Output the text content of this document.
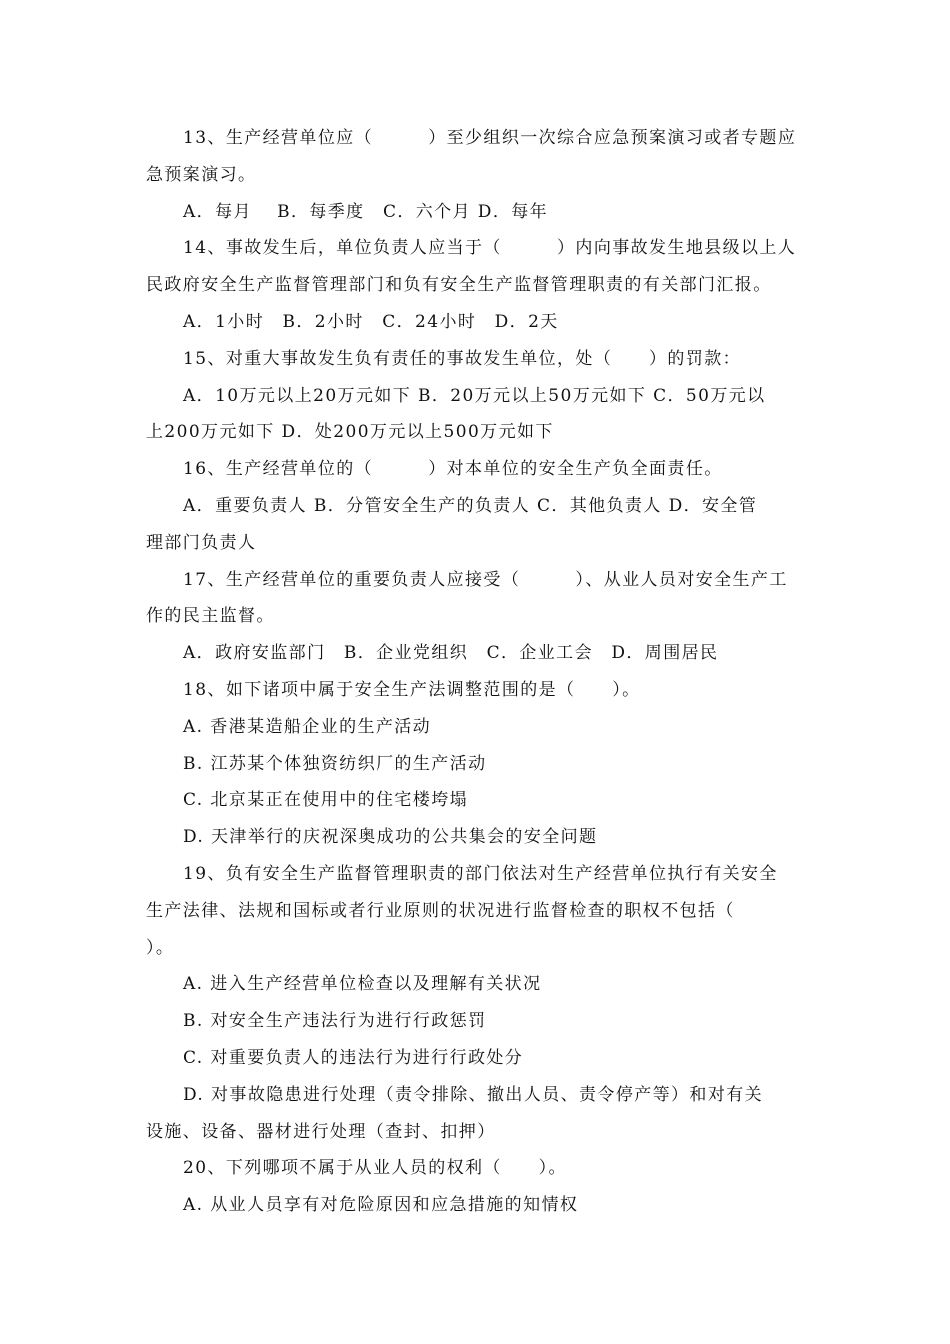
13、生产经营单位应（　　　）至少组织一次综合应急预案演习或者专题应
急预案演习。
A．每月　 B．每季度　C．六个月 D．每年
14、事故发生后，单位负责人应当于（　　　）内向事故发生地县级以上人
民政府安全生产监督管理部门和负有安全生产监督管理职责的有关部门汇报。
A．1小时　B．2小时　C．24小时　D．2天
15、对重大事故发生负有责任的事故发生单位，处（　　）的罚款：
A．10万元以上20万元如下 B．20万元以上50万元如下 C．50万元以
上200万元如下 D．处200万元以上500万元如下
16、生产经营单位的（　　　）对本单位的安全生产负全面责任。
A．重要负责人 B．分管安全生产的负责人 C．其他负责人 D．安全管
理部门负责人
17、生产经营单位的重要负责人应接受（　　　）、从业人员对安全生产工
作的民主监督。
A．政府安监部门　B．企业党组织　C．企业工会　D．周围居民
18、如下诸项中属于安全生产法调整范围的是（　　）。
A. 香港某造船企业的生产活动
B. 江苏某个体独资纺织厂的生产活动
C. 北京某正在使用中的住宅楼垮塌
D. 天津举行的庆祝深奥成功的公共集会的安全问题
19、负有安全生产监督管理职责的部门依法对生产经营单位执行有关安全
生产法律、法规和国标或者行业原则的状况进行监督检查的职权不包括（
）。
A. 进入生产经营单位检查以及理解有关状况
B. 对安全生产违法行为进行行政惩罚
C. 对重要负责人的违法行为进行行政处分
D. 对事故隐患进行处理（责令排除、撤出人员、责令停产等）和对有关
设施、设备、器材进行处理（查封、扣押）
20、下列哪项不属于从业人员的权利（　　）。
A. 从业人员享有对危险原因和应急措施的知情权
